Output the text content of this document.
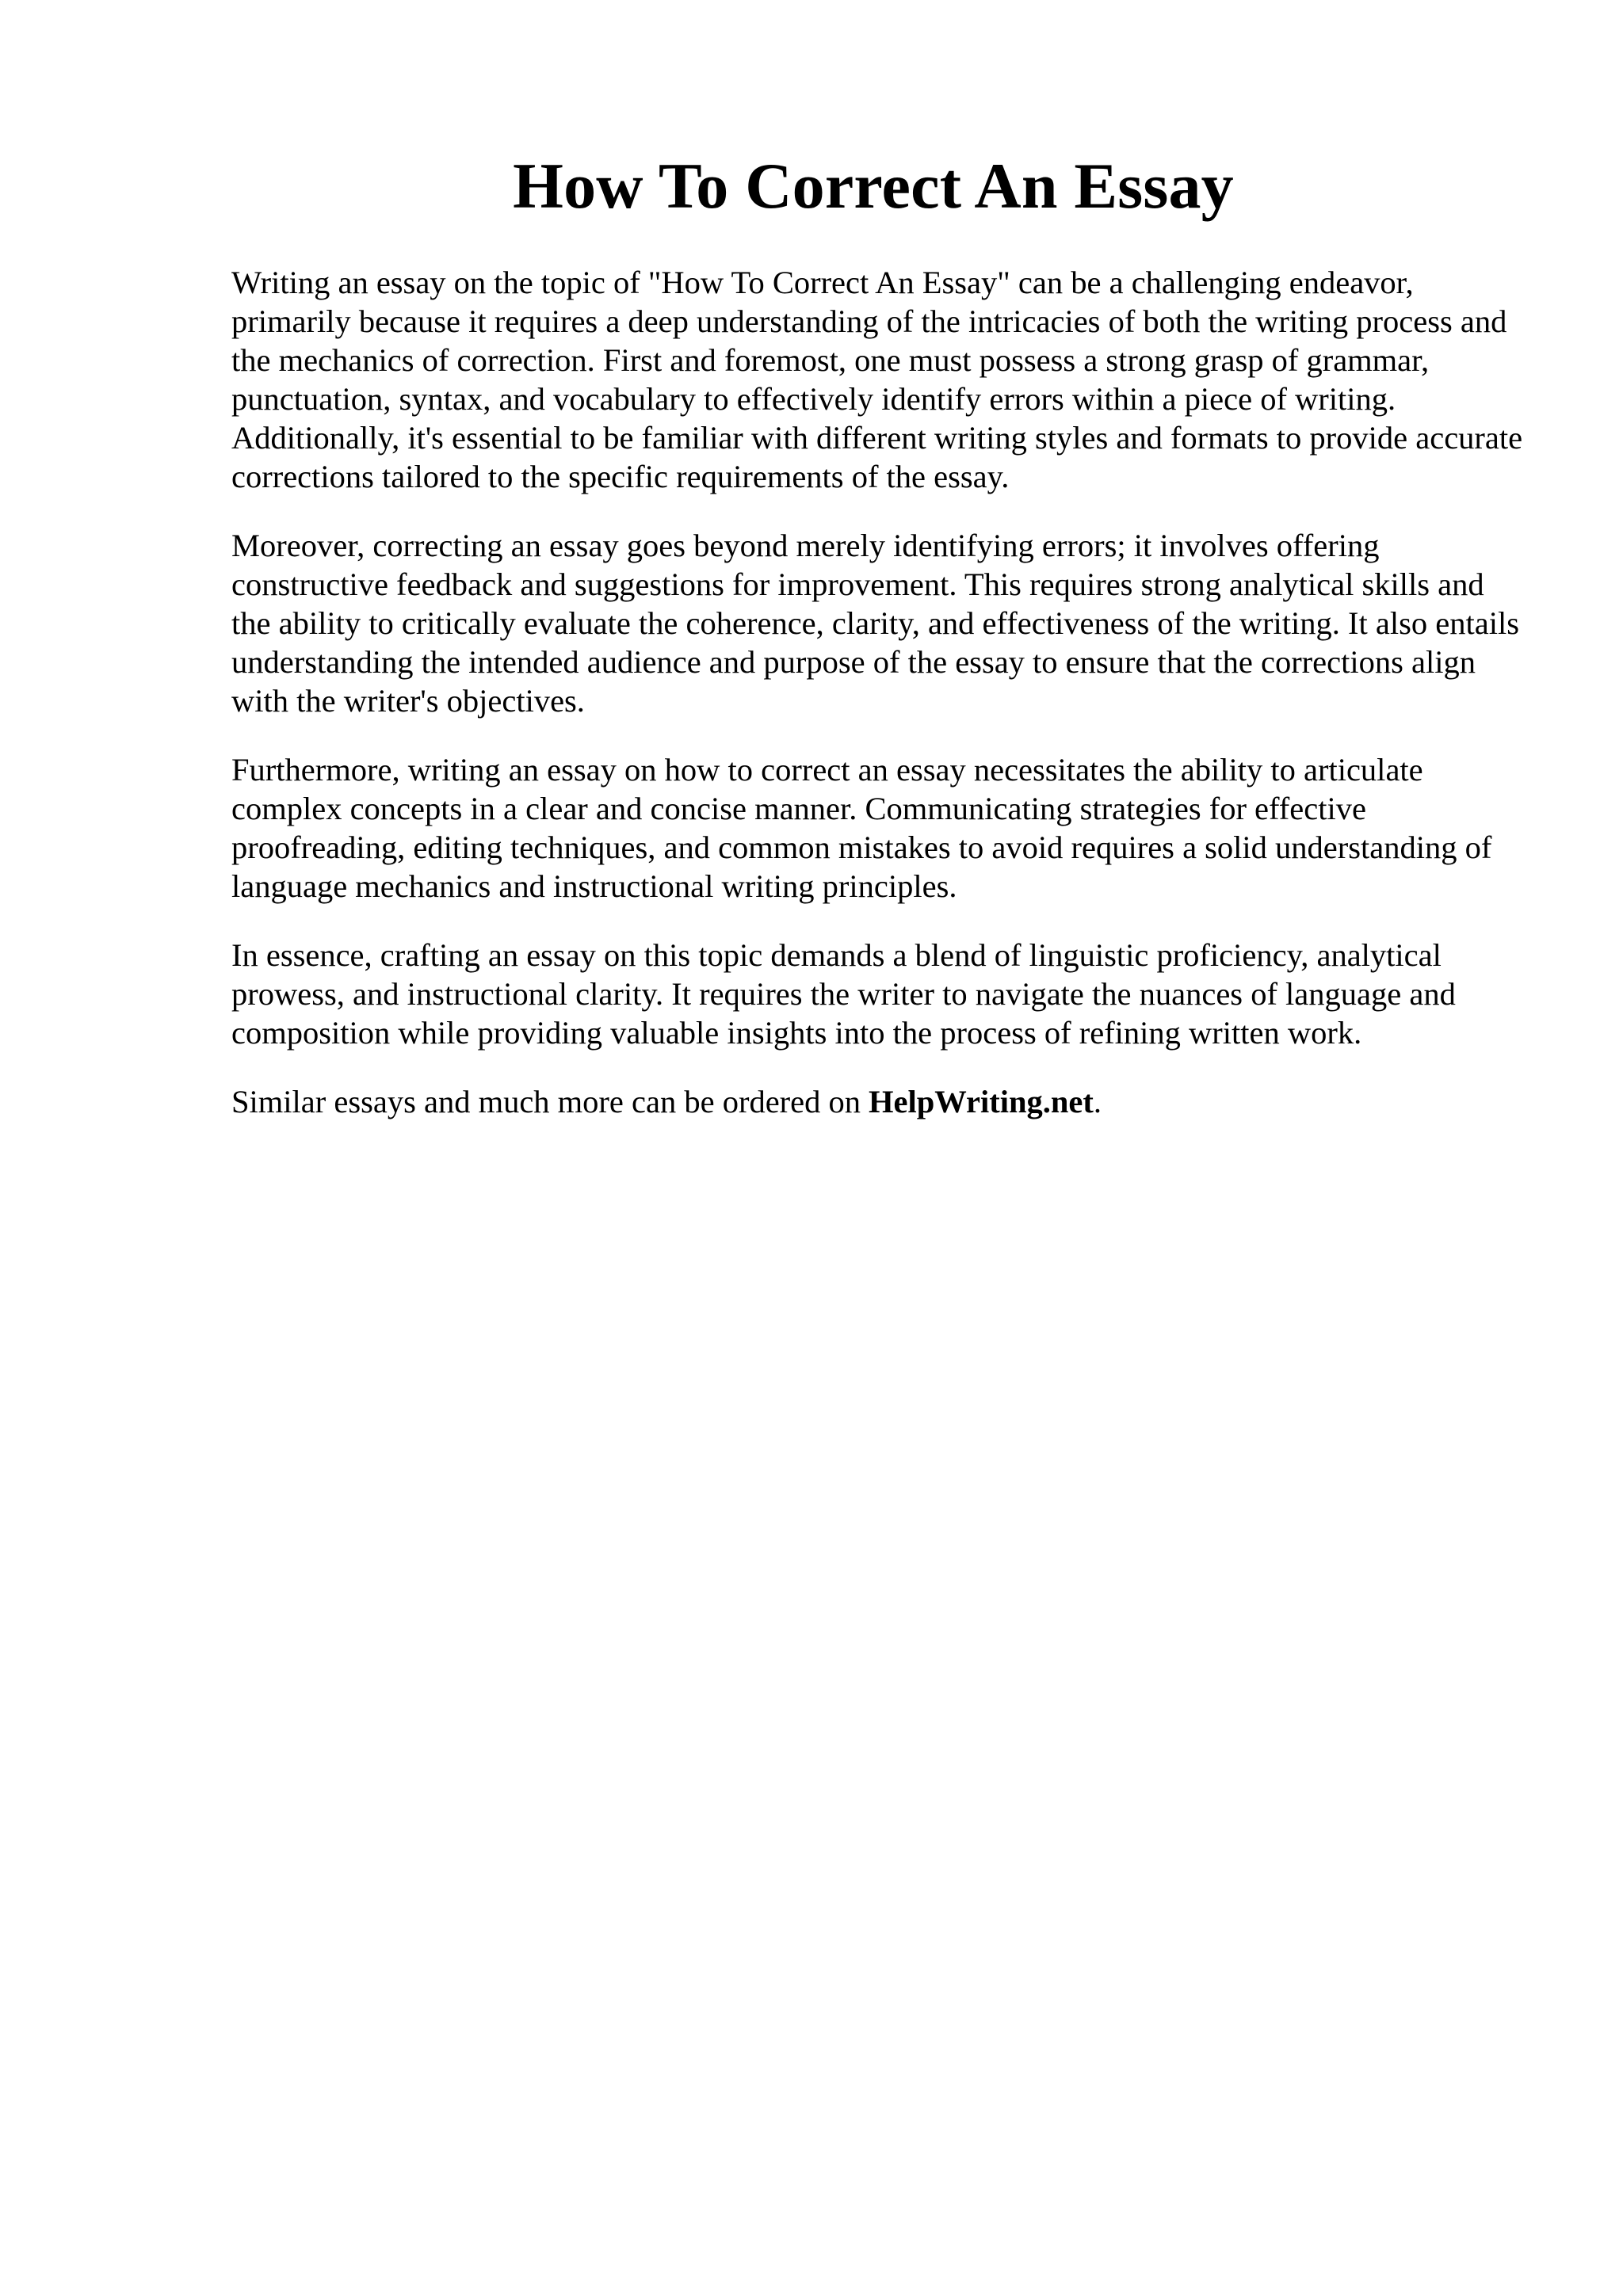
How To Correct An Essay

Writing an essay on the topic of "How To Correct An Essay" can be a challenging endeavor, primarily because it requires a deep understanding of the intricacies of both the writing process and the mechanics of correction. First and foremost, one must possess a strong grasp of grammar, punctuation, syntax, and vocabulary to effectively identify errors within a piece of writing. Additionally, it's essential to be familiar with different writing styles and formats to provide accurate corrections tailored to the specific requirements of the essay.

Moreover, correcting an essay goes beyond merely identifying errors; it involves offering constructive feedback and suggestions for improvement. This requires strong analytical skills and the ability to critically evaluate the coherence, clarity, and effectiveness of the writing. It also entails understanding the intended audience and purpose of the essay to ensure that the corrections align with the writer's objectives.

Furthermore, writing an essay on how to correct an essay necessitates the ability to articulate complex concepts in a clear and concise manner. Communicating strategies for effective proofreading, editing techniques, and common mistakes to avoid requires a solid understanding of language mechanics and instructional writing principles.

In essence, crafting an essay on this topic demands a blend of linguistic proficiency, analytical prowess, and instructional clarity. It requires the writer to navigate the nuances of language and composition while providing valuable insights into the process of refining written work.

Similar essays and much more can be ordered on HelpWriting.net.
